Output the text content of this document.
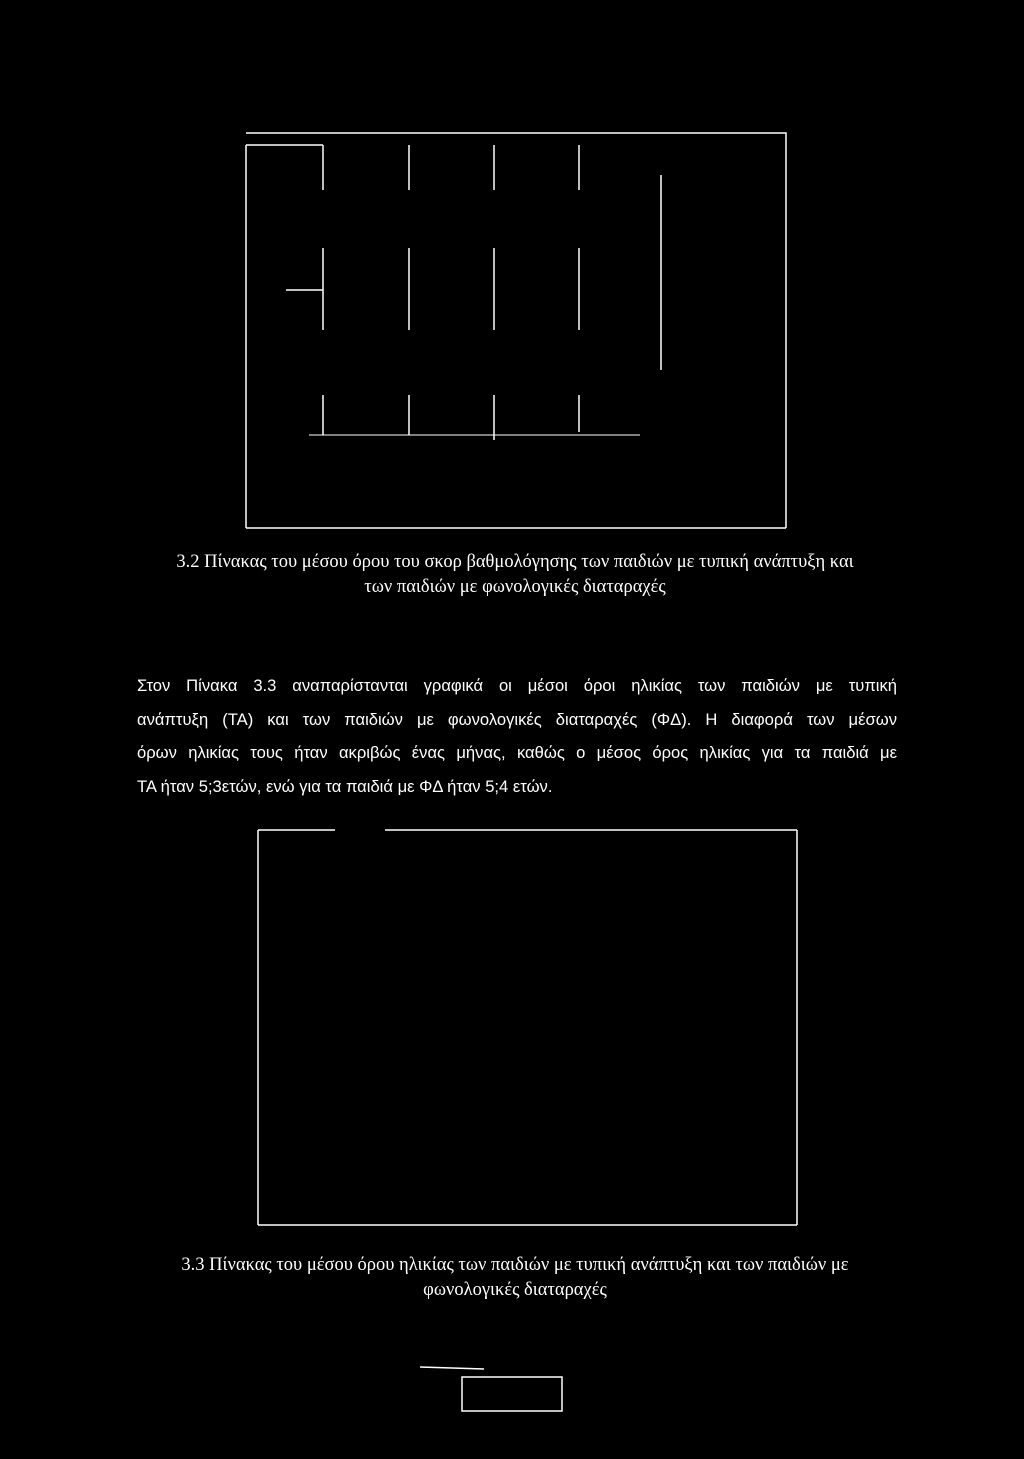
3.2 Πίνακας του μέσου όρου του σκορ βαθμολόγησης των παιδιών με τυπική ανάπτυξη και
των παιδιών με φωνολογικές διαταραχές
Στον Πίνακα 3.3 αναπαρίστανται γραφικά οι μέσοι όροι ηλικίας των παιδιών με τυπική
ανάπτυξη (ΤΑ) και των παιδιών με φωνολογικές διαταραχές (ΦΔ). Η διαφορά των μέσων
όρων ηλικίας τους ήταν ακριβώς ένας μήνας, καθώς ο μέσος όρος ηλικίας για τα παιδιά με
ΤΑ ήταν 5;3ετών, ενώ για τα παιδιά με ΦΔ ήταν 5;4 ετών.
3.3 Πίνακας του μέσου όρου ηλικίας των παιδιών με τυπική ανάπτυξη και των παιδιών με
φωνολογικές διαταραχές
